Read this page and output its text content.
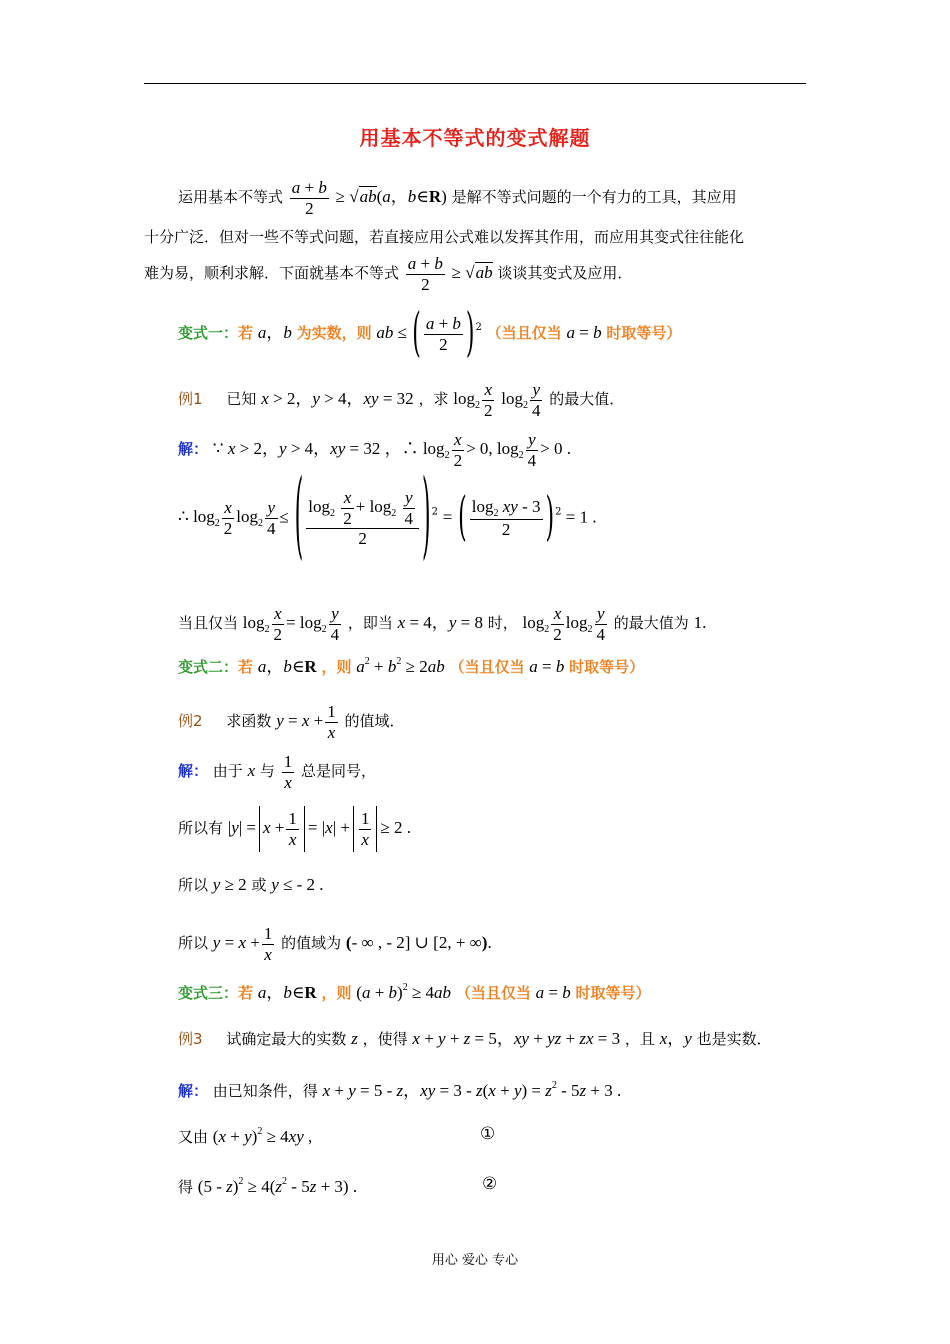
用基本不等式的变式解题
运用基本不等式 $\frac{a + b}{2} \ge √ab(a$，b∈R) 是解不等式问题的一个有力的工具，其应用
十分广泛．但对一些不等式问题，若直接应用公式难以发挥其作用，而应用其变式往往能化
难为易，顺利求解．下面就基本不等式 $\frac{a + b}{2} \ge √ab$ 谈谈其变式及应用．
变式一：若 a，b 为实数，则 ab ≤ ( $\frac{a + b}{2} )^2$ （当且仅当 a = b 时取等号）
例1 已知 x > 2，y > 4，xy = 32 ，求 $\log_2 \frac{x}{2} \log_2 \frac{y}{4}$ 的最大值．
解： ∵ x > 2，y > 4，xy = 32 ，∴ $\log_2 \frac{x}{2} > 0$, $\log_2 \frac{y}{4} > 0$ .
∴ $\log_2 \frac{x}{2} \log_2 \frac{y}{4}$ ≤ ( $\frac{\log_2 \frac{x}{2} + \log_2 \frac{y}{4}}{2} )^2$ = ( $\frac{\log_2 xy - 3}{2} )^2 = 1$ .
当且仅当 $\log_2 \frac{x}{2} = \log_2 \frac{y}{4}$ ，即当 x = 4，y = 8 时， $\log_2 \frac{x}{2} \log_2 \frac{y}{4}$ 的最大值为 1.
变式二：若 a，b∈R ，则 $a^2 + b^2 \ge 2ab$ （当且仅当 a = b 时取等号）
例2 求函数 $y = x + \frac{1}{x}$ 的值域．
解： 由于 x 与 $\frac{1}{x}$ 总是同号，
所以有 $|y| = x + \frac{1}{x} = |x| + \frac{1}{x} \ge 2$ .
所以 y ≥ 2 或 y ≤ - 2 .
所以 $y = x + \frac{1}{x}$ 的值域为 (- ∞ , - 2] ∪ [2, + ∞).
变式三：若 a，b∈R ，则 $(a + b)^2 \ge 4ab$ （当且仅当 a = b 时取等号）
例3 试确定最大的实数 z ，使得 x + y + z = 5，xy + yz + zx = 3 ，且 x，y 也是实数．
解： 由已知条件，得 x + y = 5 - z，xy = $3 - z(x + y) = z^2 - 5z + 3$ .
又由 $(x + y)^2 \ge 4xy$ ,	①
得 $(5 - z)^2 \ge 4(z^2 - 5z + 3)$ .	②
用心 爱心 专心
